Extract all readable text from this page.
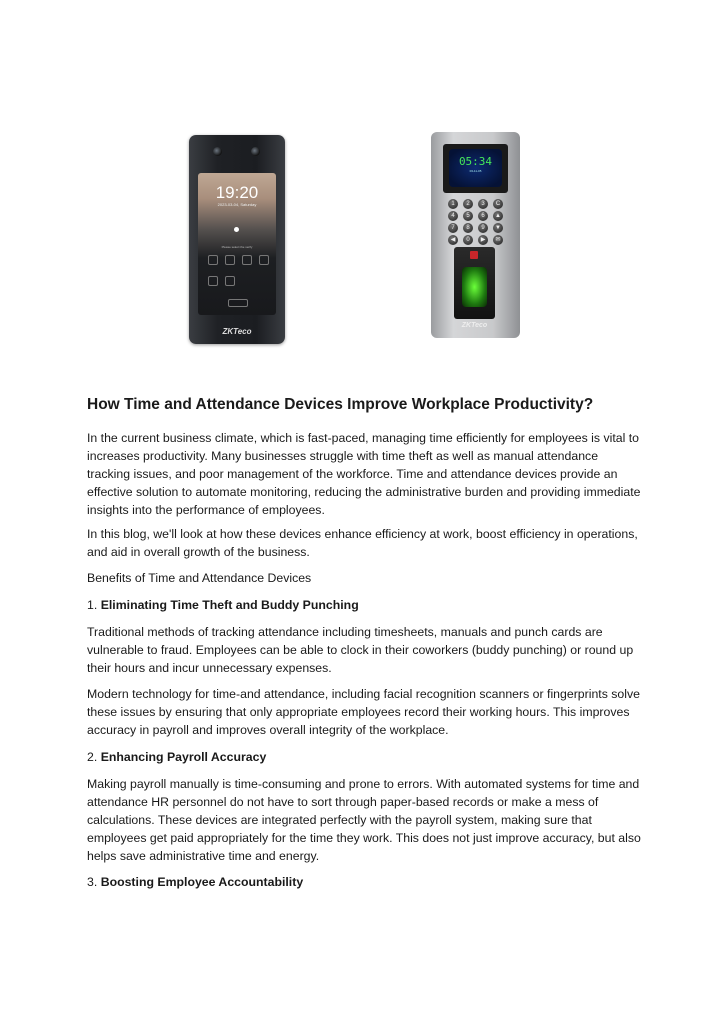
19:20
2023-03-04, Saturday
Please select the verify
ZKTeco
05:34
03-11-05
1	2	3	C
4	5	6	▲
7	8	9	▼
◀	0	▶	✉
ZKTeco
How Time and Attendance Devices Improve Workplace Productivity?

In the current business climate, which is fast-paced, managing time efficiently for employees is vital to increases productivity. Many businesses struggle with time theft as well as manual attendance tracking issues, and poor management of the workforce. Time and attendance devices provide an effective solution to automate monitoring, reducing the administrative burden and providing immediate insights into the performance of employees.

In this blog, we'll look at how these devices enhance efficiency at work, boost efficiency in operations, and aid in overall growth of the business.

Benefits of Time and Attendance Devices

1. Eliminating Time Theft and Buddy Punching

Traditional methods of tracking attendance including timesheets, manuals and punch cards are vulnerable to fraud. Employees can be able to clock in their coworkers (buddy punching) or round up their hours and incur unnecessary expenses.

Modern technology for time-and attendance, including facial recognition scanners or fingerprints solve these issues by ensuring that only appropriate employees record their working hours. This improves accuracy in payroll and improves overall integrity of the workplace.

2. Enhancing Payroll Accuracy

Making payroll manually is time-consuming and prone to errors. With automated systems for time and attendance HR personnel do not have to sort through paper-based records or make a mess of calculations. These devices are integrated perfectly with the payroll system, making sure that employees get paid appropriately for the time they work. This does not just improve accuracy, but also helps save administrative time and energy.

3. Boosting Employee Accountability
